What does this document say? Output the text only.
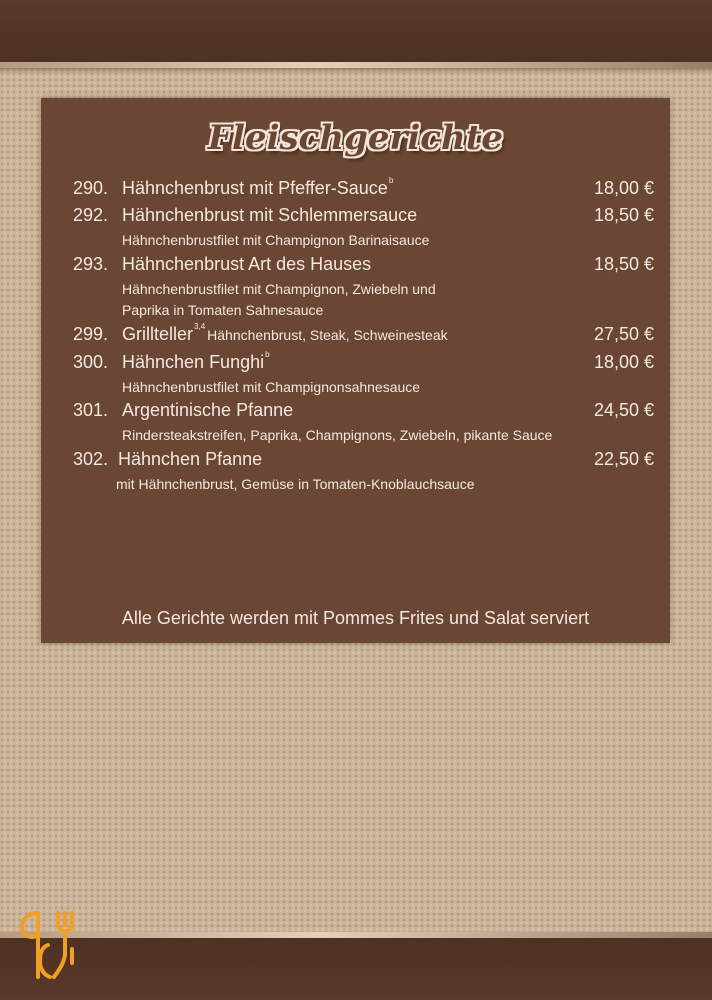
Fleischgerichte
290. Hähnchenbrust mit Pfeffer-Sauce$^b$	18,00 €
292. Hähnchenbrust mit Schlemmersauce	18,50 €
Hähnchenbrustfilet mit Champignon Barinaisauce
293. Hähnchenbrust Art des Hauses	18,50 €
Hähnchenbrustfilet mit Champignon, Zwiebeln und
Paprika in Tomaten Sahnesauce
299. Grillteller$^{3,4}$Hähnchenbrust, Steak, Schweinesteak	27,50 €
300. Hähnchen Funghi$^b$	18,00 €
Hähnchenbrustfilet mit Champignonsahnesauce
301. Argentinische Pfanne	24,50 €
Rindersteakstreifen, Paprika, Champignons, Zwiebeln, pikante Sauce
302. Hähnchen Pfanne	22,50 €
mit Hähnchenbrust, Gemüse in Tomaten-Knoblauchsauce
Alle Gerichte werden mit Pommes Frites und Salat serviert
